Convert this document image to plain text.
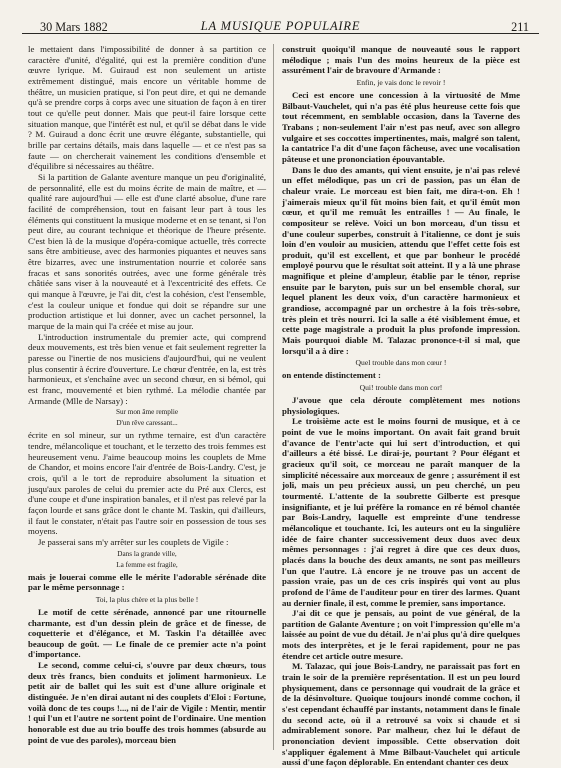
30 Mars 1882	LA MUSIQUE POPULAIRE	211

le mettaient dans l'impossibilité de donner à sa partition ce caractère d'unité, d'égalité, qui est la première condition d'une œuvre lyrique. M. Guiraud est non seulement un artiste extrêmement distingué, mais encore un véritable homme de théâtre, un musicien pratique, si l'on peut dire, et qui ne demande qu'à se prendre corps à corps avec une situation de façon à en tirer tout ce qu'elle peut donner. Mais que peut-il faire lorsque cette situation manque, que l'intérêt est nul, et qu'il se débat dans le vide ? M. Guiraud a donc écrit une œuvre élégante, substantielle, qui brille par certains détails, mais dans laquelle — et ce n'est pas sa faute — on chercherait vainement les conditions d'ensemble et d'équilibre si nécessaires au théâtre.

Si la partition de Galante aventure manque un peu d'originalité, de personnalité, elle est du moins écrite de main de maître, et — qualité rare aujourd'hui — elle est d'une clarté absolue, d'une rare facilité de compréhension, tout en faisant leur part à tous les éléments qui constituent la musique moderne et en se tenant, si l'on peut dire, au courant technique et théorique de l'heure présente. C'est bien là de la musique d'opéra-comique actuelle, très correcte sans être ambitieuse, avec des harmonies piquantes et neuves sans être bizarres, avec une instrumentation nourrie et colorée sans fracas et sans sonorités outrées, avec une forme générale très châtiée sans viser à la nouveauté et à l'excentricité des effets. Ce qui manque à l'œuvre, je l'ai dit, c'est la cohésion, c'est l'ensemble, c'est la couleur unique et fondue qui doit se répandre sur une production artistique et lui donner, avec un cachet personnel, la marque de la main qui l'a créée et mise au jour.

L'introduction instrumentale du premier acte, qui comprend deux mouvements, est très bien venue et fait seulement regretter la paresse ou l'inertie de nos musiciens d'aujourd'hui, qui ne veulent plus consentir à écrire d'ouverture. Le chœur d'entrée, en la, est très harmonieux, et s'enchaîne avec un second chœur, en si bémol, qui est franc, mouvementé et bien rythmé. La mélodie chantée par Armande (Mlle de Narsay) :

Sur mon âme remplie
D'un rêve caressant...

écrite en sol mineur, sur un rythme ternaire, est d'un caractère tendre, mélancolique et touchant, et le terzetto des trois femmes est heureusement venu. J'aime beaucoup moins les couplets de Mme de Chandor, et moins encore l'air d'entrée de Bois-Landry. C'est, je crois, qu'il a le tort de reproduire absolument la situation et jusqu'aux paroles de celui du premier acte du Pré aux Clercs, est d'une coupe et d'une inspiration banales, et il n'est pas relevé par la façon lourde et sans grâce dont le chante M. Taskin, qui d'ailleurs, il faut le constater, n'était pas l'autre soir en possession de tous ses moyens.

Je passerai sans m'y arrêter sur les couplets de Vigile :

Dans la grande ville,
La femme est fragile,

mais je louerai comme elle le mérite l'adorable sérénade dite par le même personnage :

Toi, la plus chère et la plus belle !

Le motif de cette sérénade, annoncé par une ritournelle charmante, est d'un dessin plein de grâce et de finesse, de coquetterie et d'élégance, et M. Taskin l'a détaillée avec beaucoup de goût. — Le finale de ce premier acte n'a point d'importance.

Le second, comme celui-ci, s'ouvre par deux chœurs, tous deux très francs, bien conduits et joliment harmonieux. Le petit air de ballet qui les suit est d'une allure originale et distinguée. Je n'en dirai autant ni des couplets d'Eloi : Fortune, voilà donc de tes coups !..., ni de l'air de Vigile : Mentir, mentir ! qui l'un et l'autre ne sortent point de l'ordinaire. Une mention honorable est due au trio bouffe des trois hommes (absurde au point de vue des paroles), morceau bien

construit quoiqu'il manque de nouveauté sous le rapport mélodique ; mais l'un des moins heureux de la pièce est assurément l'air de bravoure d'Armande :

Enfin, je vais donc le revoir !

Ceci est encore une concession à la virtuosité de Mme Bilbaut-Vauchelet, qui n'a pas été plus heureuse cette fois que tout récemment, en semblable occasion, dans la Taverne des Trabans ; non-seulement l'air n'est pas neuf, avec son allegro vulgaire et ses coccottes impertinentes, mais, malgré son talent, la cantatrice l'a dit d'une façon fâcheuse, avec une vocalisation pâteuse et une prononciation épouvantable.

Dans le duo des amants, qui vient ensuite, je n'ai pas relevé un effet mélodique, pas un cri de passion, pas un élan de chaleur vraie. Le morceau est bien fait, me dira-t-on. Eh ! j'aimerais mieux qu'il fût moins bien fait, et qu'il émût mon cœur, et qu'il me remuât les entrailles ! — Au finale, le compositeur se relève. Voici un bon morceau, d'un tissu et d'une couleur superbes, construit à l'italienne, ce dont je suis loin d'en vouloir au musicien, attendu que l'effet cette fois est produit, qu'il est excellent, et que par bonheur le procédé employé pourvu que le résultat soit atteint. Il y a là une phrase magnifique et pleine d'ampleur, établie par le ténor, reprise ensuite par le baryton, puis sur un bel ensemble choral, sur lequel planent les deux voix, d'un caractère harmonieux et grandiose, accompagné par un orchestre à la fois très-sobre, très plein et très nourri. Ici la salle a été visiblement émue, et cette page magistrale a produit la plus profonde impression. Mais pourquoi diable M. Talazac prononce-t-il si mal, que lorsqu'il a à dire :

Quel trouble dans mon cœur !

on entende distinctement :

Qui! trouble dans mon cor!

J'avoue que cela déroute complètement mes notions physiologiques.

Le troisième acte est le moins fourni de musique, et à ce point de vue le moins important. On avait fait grand bruit d'avance de l'entr'acte qui lui sert d'introduction, et qui d'ailleurs a été bissé. Le dirai-je, pourtant ? Pour élégant et gracieux qu'il soit, ce morceau ne paraît manquer de la simplicité nécessaire aux morceaux de genre ; assurément il est joli, mais un peu précieux aussi, un peu cherché, un peu tourmenté. L'attente de la soubrette Gilberte est presque insignifiante, et je lui préfère la romance en ré bémol chantée par Bois-Landry, laquelle est empreinte d'une tendresse mélancolique et touchante. Ici, les auteurs ont eu la singulière idée de faire chanter successivement deux duos avec deux mêmes personnages : j'ai regret à dire que ces deux duos, placés dans la bouche des deux amants, ne sont pas meilleurs l'un que l'autre. Là encore je ne trouve pas un accent de passion vraie, pas un de ces cris inspirés qui vont au plus profond de l'âme de l'auditeur pour en tirer des larmes. Quant au dernier finale, il est, comme le premier, sans importance.

J'ai dit ce que je pensais, au point de vue général, de la partition de Galante Aventure ; on voit l'impression qu'elle m'a laissée au point de vue du détail. Je n'ai plus qu'à dire quelques mots des interprètes, et je le ferai rapidement, pour ne pas étendre cet article outre mesure.

M. Talazac, qui joue Bois-Landry, ne paraissait pas fort en train le soir de la première représentation. Il est un peu lourd physiquement, dans ce personnage qui voudrait de la grâce et de la désinvolture. Quoique toujours inondé comme cochon, il s'est cependant échauffé par instants, notamment dans le finale du second acte, où il a retrouvé sa voix si chaude et si admirablement sonore. Par malheur, chez lui le défaut de prononciation devient impossible. Cette observation doit s'appliquer également à Mme Bilbaut-Vauchelet qui articule aussi d'une façon déplorable. En entendant chanter ces deux
